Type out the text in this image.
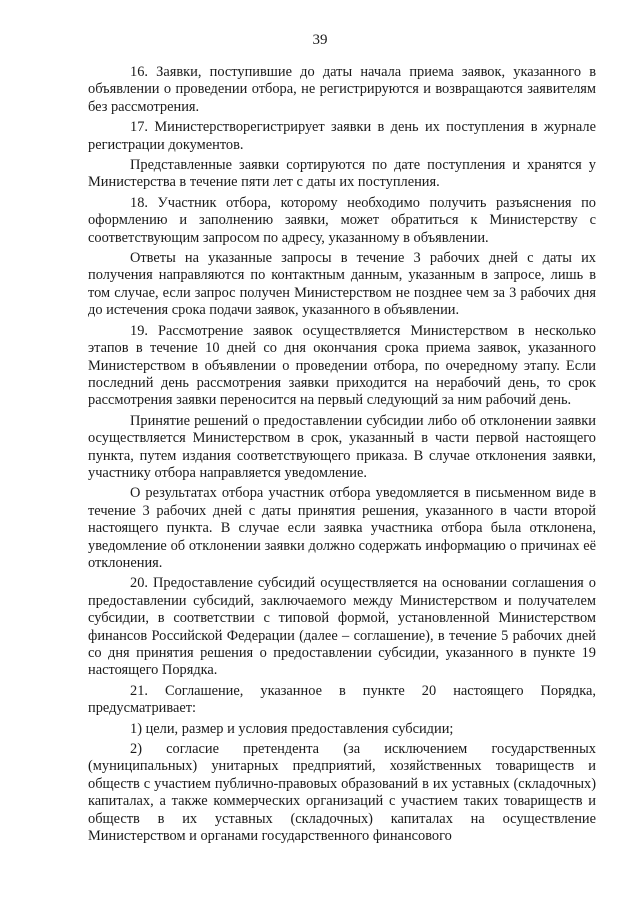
39

16. Заявки, поступившие до даты начала приема заявок, указанного в объявлении о проведении отбора, не регистрируются и возвращаются заявителям без рассмотрения.

17. Министерстворегистрирует заявки в день их поступления в журнале регистрации документов.

Представленные заявки сортируются по дате поступления и хранятся у Министерства в течение пяти лет с даты их поступления.

18. Участник отбора, которому необходимо получить разъяснения по оформлению и заполнению заявки, может обратиться к Министерству с соответствующим запросом по адресу, указанному в объявлении.

Ответы на указанные запросы в течение 3 рабочих дней с даты их получения направляются по контактным данным, указанным в запросе, лишь в том случае, если запрос получен Министерством не позднее чем за 3 рабочих дня до истечения срока подачи заявок, указанного в объявлении.

19. Рассмотрение заявок осуществляется Министерством в несколько этапов в течение 10 дней со дня окончания срока приема заявок, указанного Министерством в объявлении о проведении отбора, по очередному этапу. Если последний день рассмотрения заявки приходится на нерабочий день, то срок рассмотрения заявки переносится на первый следующий за ним рабочий день.

Принятие решений о предоставлении субсидии либо об отклонении заявки осуществляется Министерством в срок, указанный в части первой настоящего пункта, путем издания соответствующего приказа. В случае отклонения заявки, участнику отбора направляется уведомление.

О результатах отбора участник отбора уведомляется в письменном виде в течение 3 рабочих дней с даты принятия решения, указанного в части второй настоящего пункта. В случае если заявка участника отбора была отклонена, уведомление об отклонении заявки должно содержать информацию о причинах её отклонения.

20. Предоставление субсидий осуществляется на основании соглашения о предоставлении субсидий, заключаемого между Министерством и получателем субсидии, в соответствии с типовой формой, установленной Министерством финансов Российской Федерации (далее – соглашение), в течение 5 рабочих дней со дня принятия решения о предоставлении субсидии, указанного в пункте 19 настоящего Порядка.

21. Соглашение, указанное в пункте 20 настоящего Порядка, предусматривает:

1) цели, размер и условия предоставления субсидии;

2) согласие претендента (за исключением государственных (муниципальных) унитарных предприятий, хозяйственных товариществ и обществ с участием публично-правовых образований в их уставных (складочных) капиталах, а также коммерческих организаций с участием таких товариществ и обществ в их уставных (складочных) капиталах на осуществление Министерством и органами государственного финансового
